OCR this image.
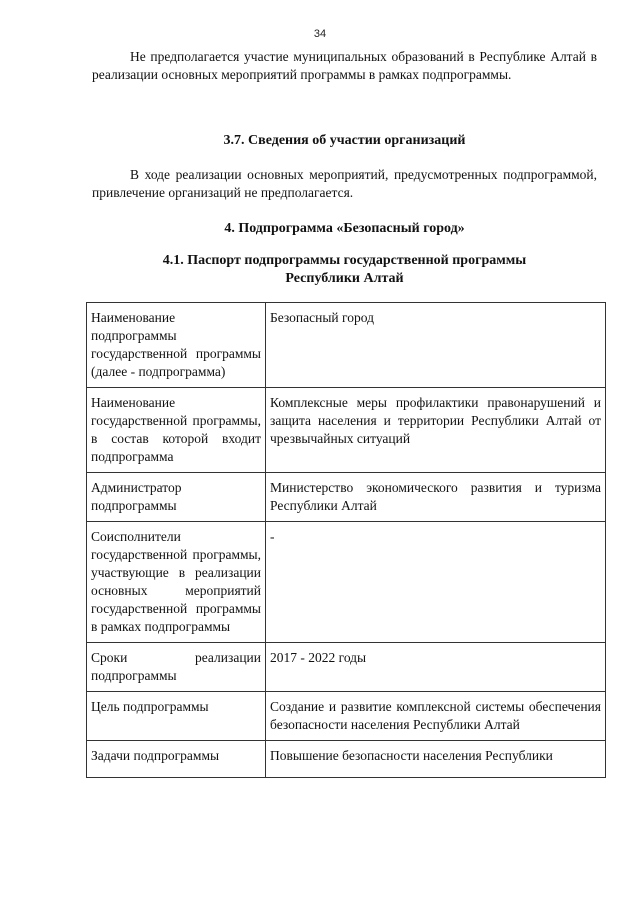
34

Не предполагается участие муниципальных образований в Республике Алтай в реализации основных мероприятий программы в рамках подпрограммы.

3.7. Сведения об участии организаций

В ходе реализации основных мероприятий, предусмотренных подпрограммой, привлечение организаций не предполагается.

4. Подпрограмма «Безопасный город»
4.1. Паспорт подпрограммы государственной программы
Республики Алтай
Наименование подпрограммы государственной программы (далее - подпрограмма)	Безопасный город
Наименование государственной программы, в состав которой входит подпрограмма	Комплексные меры профилактики правонарушений и защита населения и территории Республики Алтай от чрезвычайных ситуаций
Администратор подпрограммы	Министерство экономического развития и туризма Республики Алтай
Соисполнители государственной программы, участвующие в реализации основных мероприятий государственной программы в рамках подпрограммы	-
Сроки реализации подпрограммы	2017 - 2022 годы
Цель подпрограммы	Создание и развитие комплексной системы обеспечения безопасности населения Республики Алтай
Задачи подпрограммы	Повышение безопасности населения Республики
